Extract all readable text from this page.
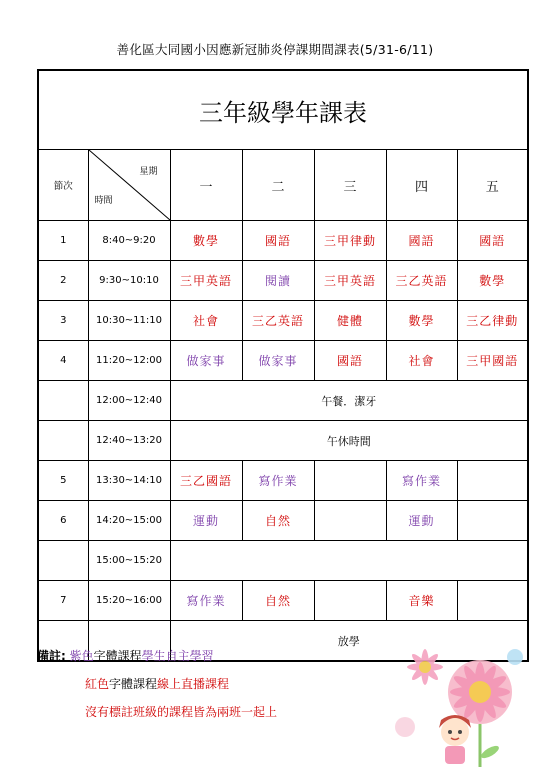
善化區大同國小因應新冠肺炎停課期間課表(5/31-6/11)
三年級學年課表						
節次	星期
時間	一	二	三	四	五
1	8:40~9:20	數學	國語	三甲律動	國語	國語
2	9:30~10:10	三甲英語	閱讀	三甲英語	三乙英語	數學
3	10:30~11:10	社會	三乙英語	健體	數學	三乙律動
4	11:20~12:00	做家事	做家事	國語	社會	三甲國語
	12:00~12:40	午餐．潔牙				
	12:40~13:20	午休時間				
5	13:30~14:10	三乙國語	寫作業		寫作業	
6	14:20~15:00	運動	自然		運動	
	15:00~15:20					
7	15:20~16:00	寫作業	自然		音樂	
		放學				
備註: 紫色字體課程學生自主學習
紅色字體課程線上直播課程
沒有標註班級的課程皆為兩班一起上
